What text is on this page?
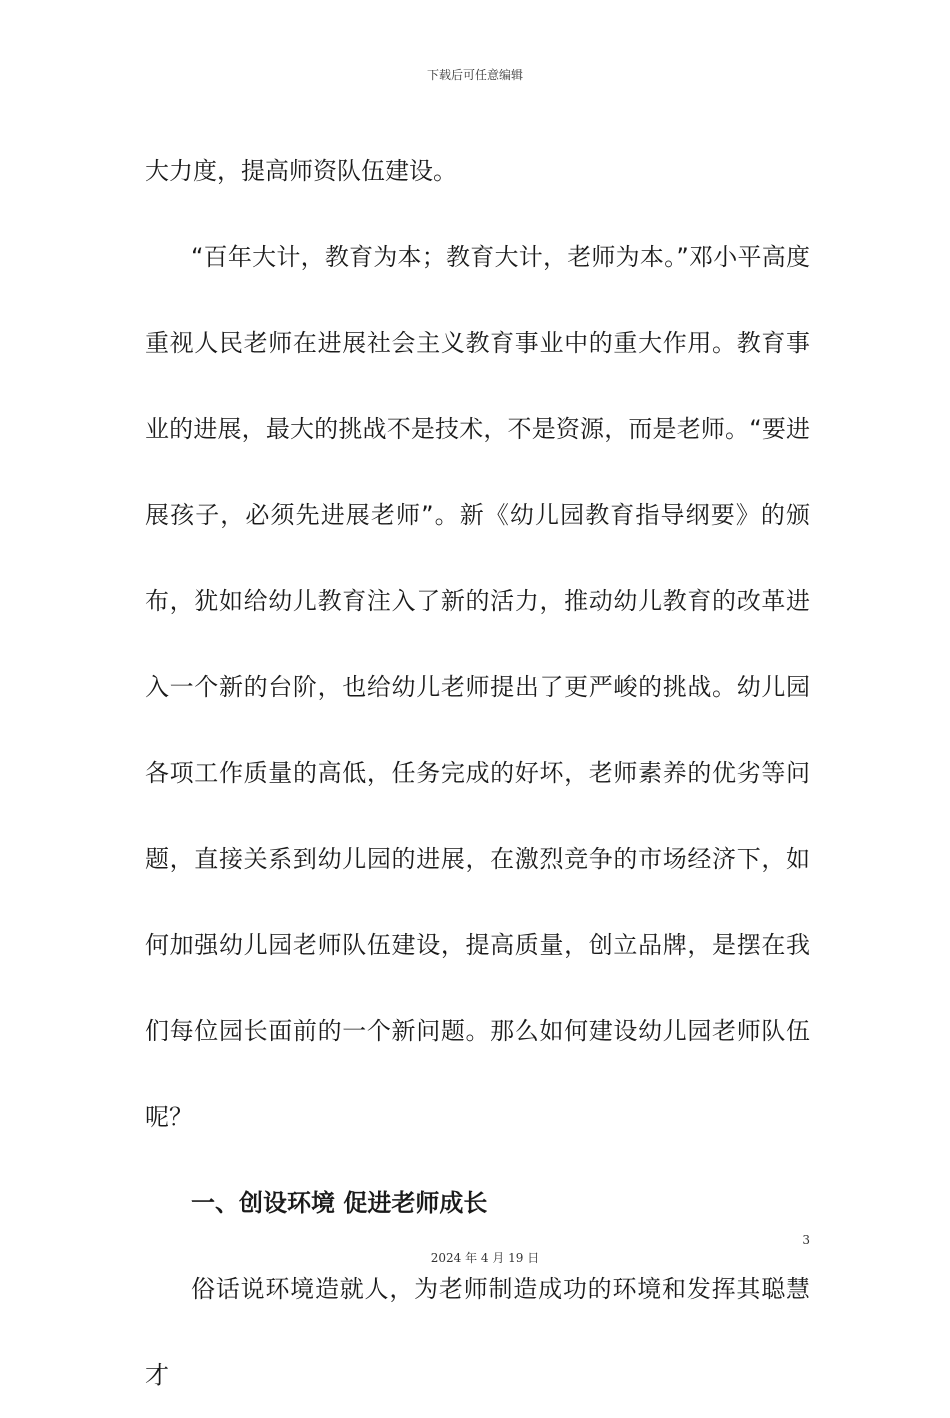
下载后可任意编辑

大力度，提高师资队伍建设。

“百年大计，教育为本；教育大计，老师为本。”邓小平高度重视人民老师在进展社会主义教育事业中的重大作用。教育事业的进展，最大的挑战不是技术，不是资源，而是老师。“要进展孩子，必须先进展老师”。新《幼儿园教育指导纲要》的颁布，犹如给幼儿教育注入了新的活力，推动幼儿教育的改革进入一个新的台阶，也给幼儿老师提出了更严峻的挑战。幼儿园各项工作质量的高低，任务完成的好坏，老师素养的优劣等问题，直接关系到幼儿园的进展，在激烈竞争的市场经济下，如何加强幼儿园老师队伍建设，提高质量，创立品牌，是摆在我们每位园长面前的一个新问题。那么如何建设幼儿园老师队伍呢？

一、创设环境 促进老师成长

俗话说环境造就人，为老师制造成功的环境和发挥其聪慧才

3
2024 年 4 月 19 日
